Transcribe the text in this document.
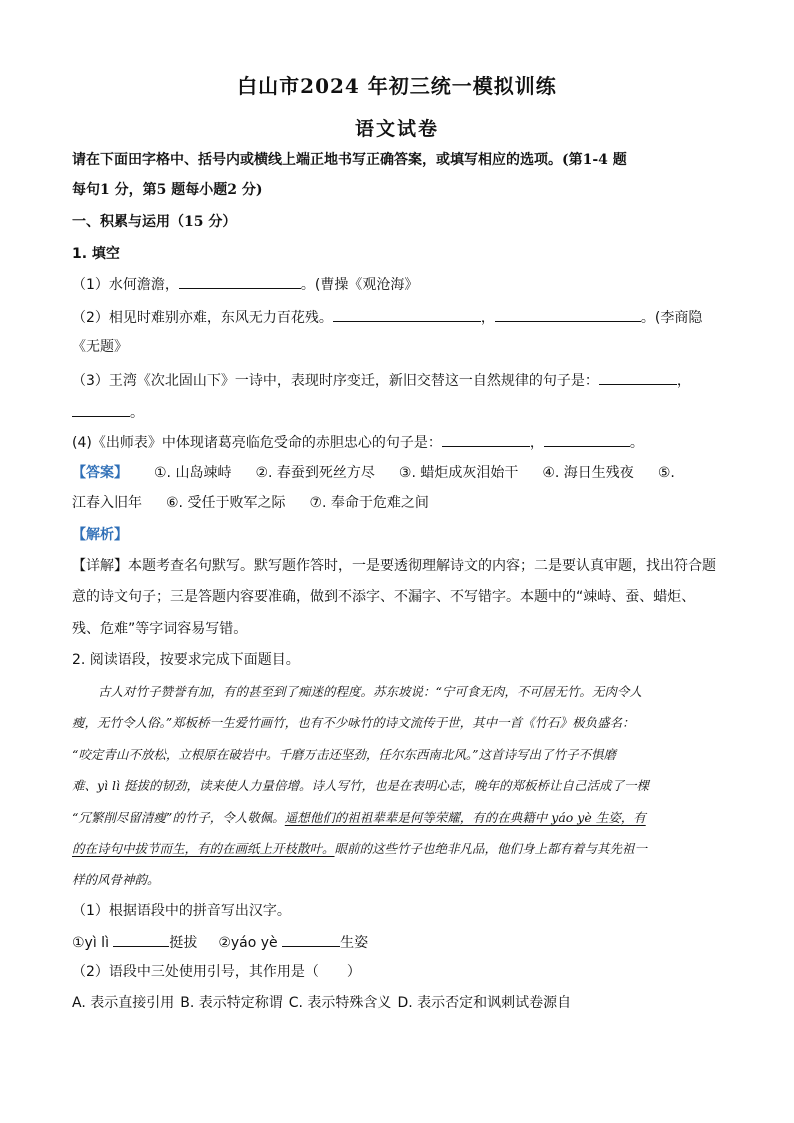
白山市2024 年初三统一模拟训练
语文试卷
请在下面田字格中、括号内或横线上端正地书写正确答案，或填写相应的选项。(第1-4 题
每句1 分，第5 题每小题2 分)
一、积累与运用（15 分）
1. 填空
（1）水何澹澹，	。(曹操《观沧海》
（2）相见时难别亦难，东风无力百花残。	，	。(李商隐
《无题》
（3）王湾《次北固山下》一诗中，表现时序变迁，新旧交替这一自然规律的句子是：	，
。
(4)《出师表》中体现诸葛亮临危受命的赤胆忠心的句子是：	，	。
【答案】 ①. 山岛竦峙 ②. 春蚕到死丝方尽 ③. 蜡炬成灰泪始干 ④. 海日生残夜 ⑤.
江春入旧年 ⑥. 受任于败军之际 ⑦. 奉命于危难之间
【解析】
【详解】本题考查名句默写。默写题作答时，一是要透彻理解诗文的内容；二是要认真审题，找出符合题
意的诗文句子；三是答题内容要准确，做到不添字、不漏字、不写错字。本题中的“竦峙、蚕、蜡炬、
残、危难”等字词容易写错。
2. 阅读语段，按要求完成下面题目。
古人对竹子赞誉有加，有的甚至到了痴迷的程度。苏东坡说：“宁可食无肉，不可居无竹。无肉令人
瘦，无竹令人俗。”郑板桥一生爱竹画竹，也有不少咏竹的诗文流传于世，其中一首《竹石》极负盛名：
“咬定青山不放松，立根原在破岩中。千磨万击还坚劲，任尔东西南北风。”这首诗写出了竹子不惧磨
难、yì lì 挺拔的韧劲，读来使人力量倍增。诗人写竹，也是在表明心志，晚年的郑板桥让自己活成了一棵
“冗繁削尽留清瘦”的竹子，令人敬佩。遥想他们的祖祖辈辈是何等荣耀，有的在典籍中 yáo yè 生姿，有
的在诗句中拔节而生，有的在画纸上开枝散叶。眼前的这些竹子也绝非凡品，他们身上都有着与其先祖一
样的风骨神韵。
（1）根据语段中的拼音写出汉字。
①yì lì	挺拔 ②yáo yè	生姿
（2）语段中三处使用引号，其作用是（　　）
A. 表示直接引用 B. 表示特定称谓 C. 表示特殊含义 D. 表示否定和讽刺试卷源自
